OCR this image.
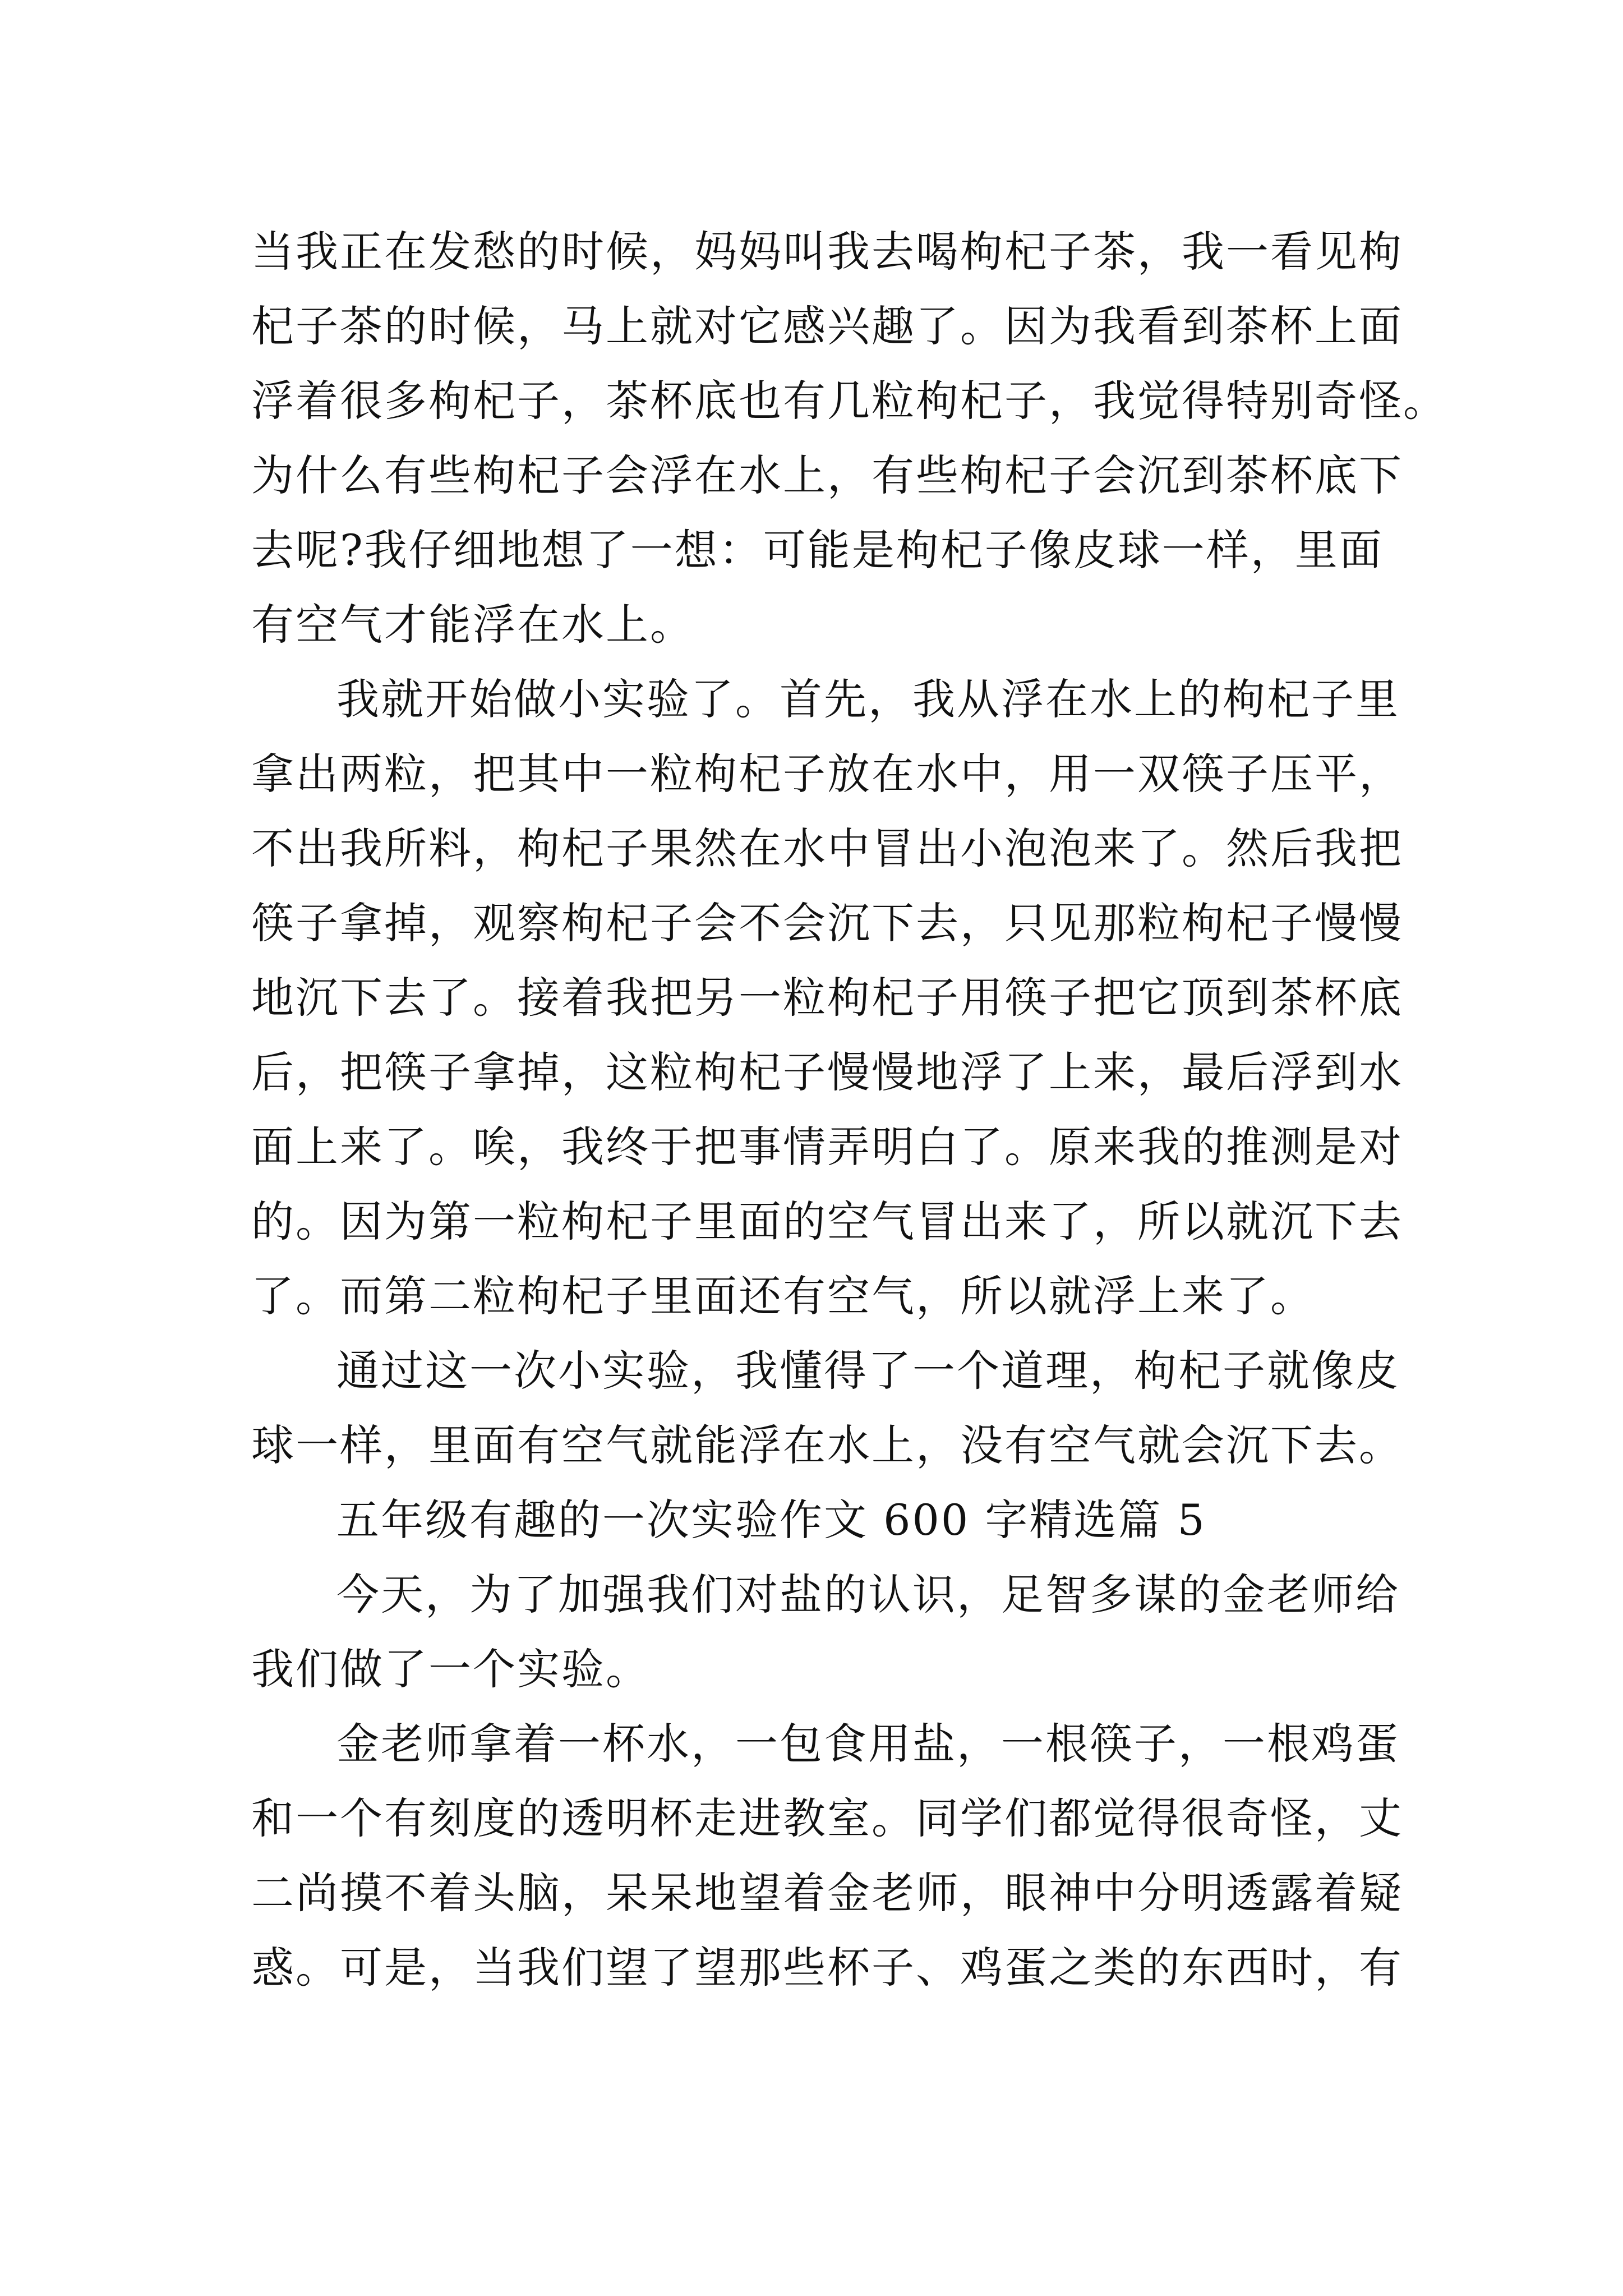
当我正在发愁的时候，妈妈叫我去喝枸杞子茶，我一看见枸
杞子茶的时候，马上就对它感兴趣了。因为我看到茶杯上面
浮着很多枸杞子，茶杯底也有几粒枸杞子，我觉得特别奇怪。
为什么有些枸杞子会浮在水上，有些枸杞子会沉到茶杯底下
去呢?我仔细地想了一想：可能是枸杞子像皮球一样，里面
有空气才能浮在水上。
我就开始做小实验了。首先，我从浮在水上的枸杞子里
拿出两粒，把其中一粒枸杞子放在水中，用一双筷子压平，
不出我所料，枸杞子果然在水中冒出小泡泡来了。然后我把
筷子拿掉，观察枸杞子会不会沉下去，只见那粒枸杞子慢慢
地沉下去了。接着我把另一粒枸杞子用筷子把它顶到茶杯底
后，把筷子拿掉，这粒枸杞子慢慢地浮了上来，最后浮到水
面上来了。唉，我终于把事情弄明白了。原来我的推测是对
的。因为第一粒枸杞子里面的空气冒出来了，所以就沉下去
了。而第二粒枸杞子里面还有空气，所以就浮上来了。
通过这一次小实验，我懂得了一个道理，枸杞子就像皮
球一样，里面有空气就能浮在水上，没有空气就会沉下去。
五年级有趣的一次实验作文 600 字精选篇 5
今天，为了加强我们对盐的认识，足智多谋的金老师给
我们做了一个实验。
金老师拿着一杯水，一包食用盐，一根筷子，一根鸡蛋
和一个有刻度的透明杯走进教室。同学们都觉得很奇怪，丈
二尚摸不着头脑，呆呆地望着金老师，眼神中分明透露着疑
惑。可是，当我们望了望那些杯子、鸡蛋之类的东西时，有
